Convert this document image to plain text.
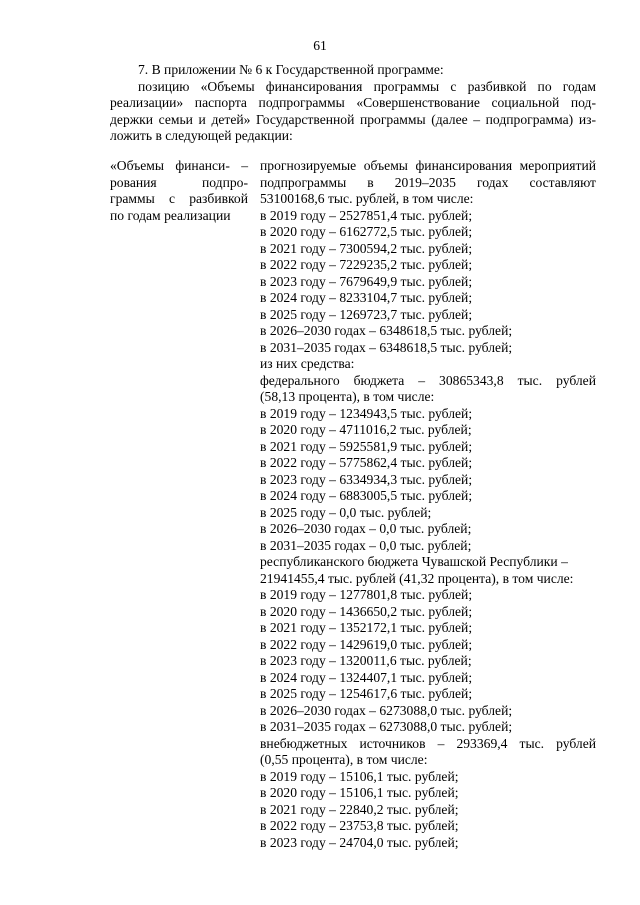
61

7. В приложении № 6 к Государственной программе:

позицию «Объемы финансирования программы с разбивкой по годам

реализации» паспорта подпрограммы «Совершенствование социальной под-

держки семьи и детей» Государственной программы (далее – подпрограмма) из-

ложить в следующей редакции:

«Объемы финанси- –
рования подпро-
граммы с разбивкой
по годам реализации
прогнозируемые объемы финансирования мероприятий
подпрограммы в 2019–2035 годах составляют
53100168,6 тыс. рублей, в том числе:
в 2019 году – 2527851,4 тыс. рублей;
в 2020 году – 6162772,5 тыс. рублей;
в 2021 году – 7300594,2 тыс. рублей;
в 2022 году – 7229235,2 тыс. рублей;
в 2023 году – 7679649,9 тыс. рублей;
в 2024 году – 8233104,7 тыс. рублей;
в 2025 году – 1269723,7 тыс. рублей;
в 2026–2030 годах – 6348618,5 тыс. рублей;
в 2031–2035 годах – 6348618,5 тыс. рублей;
из них средства:
федерального бюджета – 30865343,8 тыс. рублей
(58,13 процента), в том числе:
в 2019 году – 1234943,5 тыс. рублей;
в 2020 году – 4711016,2 тыс. рублей;
в 2021 году – 5925581,9 тыс. рублей;
в 2022 году – 5775862,4 тыс. рублей;
в 2023 году – 6334934,3 тыс. рублей;
в 2024 году – 6883005,5 тыс. рублей;
в 2025 году – 0,0 тыс. рублей;
в 2026–2030 годах – 0,0 тыс. рублей;
в 2031–2035 годах – 0,0 тыс. рублей;
республиканского бюджета Чувашской Республики –
21941455,4 тыс. рублей (41,32 процента), в том числе:
в 2019 году – 1277801,8 тыс. рублей;
в 2020 году – 1436650,2 тыс. рублей;
в 2021 году – 1352172,1 тыс. рублей;
в 2022 году – 1429619,0 тыс. рублей;
в 2023 году – 1320011,6 тыс. рублей;
в 2024 году – 1324407,1 тыс. рублей;
в 2025 году – 1254617,6 тыс. рублей;
в 2026–2030 годах – 6273088,0 тыс. рублей;
в 2031–2035 годах – 6273088,0 тыс. рублей;
внебюджетных источников – 293369,4 тыс. рублей
(0,55 процента), в том числе:
в 2019 году – 15106,1 тыс. рублей;
в 2020 году – 15106,1 тыс. рублей;
в 2021 году – 22840,2 тыс. рублей;
в 2022 году – 23753,8 тыс. рублей;
в 2023 году – 24704,0 тыс. рублей;
